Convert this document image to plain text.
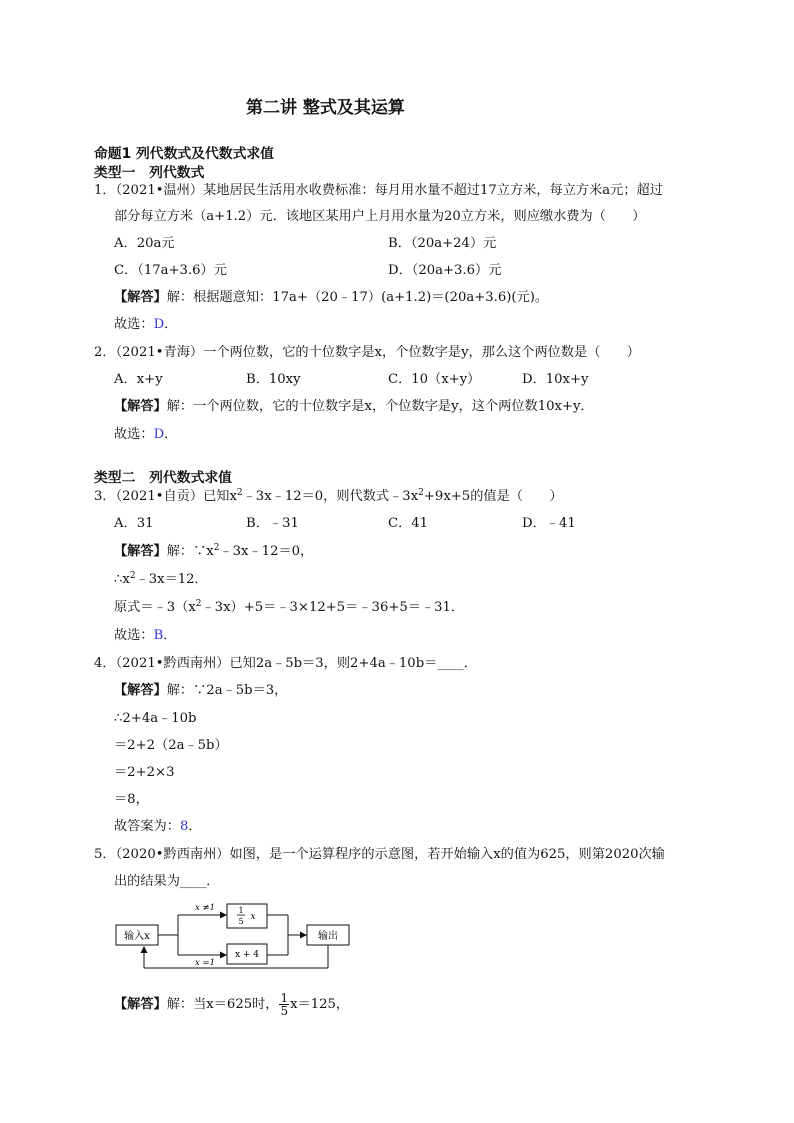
第二讲 整式及其运算
命题1 列代数式及代数式求值
类型一　列代数式
1．（2021•温州）某地居民生活用水收费标准：每月用水量不超过17立方米，每立方米a元；超过
部分每立方米（a+1.2）元．该地区某用户上月用水量为20立方米，则应缴水费为（　　）
A．20a元	B．（20a+24）元
C．（17a+3.6）元	D．（20a+3.6）元
【解答】解：根据题意知：17a+（20﹣17）(a+1.2)＝(20a+3.6)(元)。
故选：D．
2．（2021•青海）一个两位数，它的十位数字是x，个位数字是y，那么这个两位数是（　　）
A．x+y	B．10xy	C．10（x+y）	D．10x+y
【解答】解：一个两位数，它的十位数字是x，个位数字是y，这个两位数10x+y．
故选：D．
类型二　列代数式求值
3．（2021•自贡）已知$x^2﹣3x﹣12=0$，则代数式$﹣3x^2+9x+5$的值是（　　）
A．31	B．﹣31	C．41	D．﹣41
【解答】解：$\because x^2﹣3x﹣12=0$，
$\therefore x^2﹣3x=12$．
原式$=﹣3(x^2﹣3x)+5=﹣3\times 12+5=﹣36+5=﹣31$．
故选：B．
4．（2021•黔西南州）已知2a﹣5b＝3，则2+4a﹣10b＝____．
【解答】解：∵2a﹣5b＝3，
∴2+4a﹣10b
＝2+2（2a﹣5b）
＝2+2×3
＝8，
故答案为：8．
5．（2020•黔西南州）如图，是一个运算程序的示意图，若开始输入x的值为625，则第2020次输
出的结果为____．
输入x
x ≠1
x =1
1
5 x
x + 4
输出
【解答】解：当x＝625时， $\frac{1}{5} x=125$，
